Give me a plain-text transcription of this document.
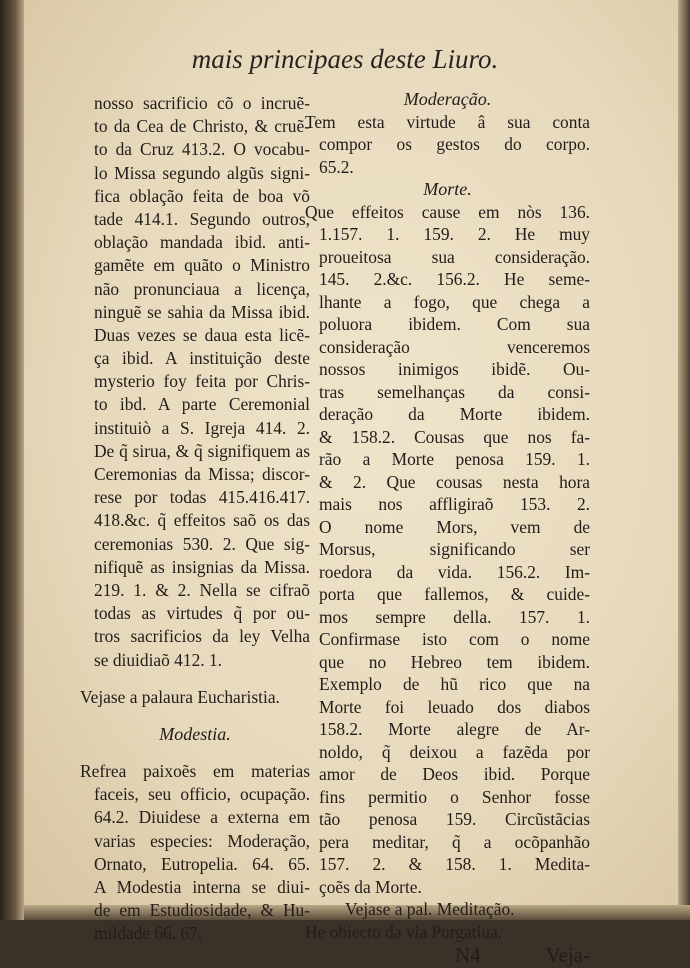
mais principaes deste Liuro.
nosso sacrificio cõ o incruẽ-
to da Cea de Christo, & cruẽ-
to da Cruz 413.2. O vocabu-
lo Missa segundo algũs signi-
fica oblação feita de boa võ
tade 414.1. Segundo outros,
oblação mandada ibid. anti-
gamẽte em quãto o Ministro
não pronunciaua a licença,
ninguẽ se sahia da Missa ibid.
Duas vezes se daua esta licẽ-
ça ibid. A instituição deste
mysterio foy feita por Chris-
to ibd. A parte Ceremonial
instituiò a S. Igreja 414. 2.
De q̃ sirua, & q̃ signifiquem as
Ceremonias da Missa; discor-
rese por todas 415.416.417.
418.&c. q̃ effeitos saõ os das
ceremonias 530. 2. Que sig-
nifiquẽ as insignias da Missa.
219. 1. & 2. Nella se cifraõ
todas as virtudes q̃ por ou-
tros sacrificios da ley Velha
se diuidiaõ 412. 1.
Vejase a palaura Eucharistia.
Modestia.
Refrea paixoẽs em materias
faceis, seu officio, ocupação.
64.2. Diuidese a externa em
varias especies: Moderação,
Ornato, Eutropelia. 64. 65.
A Modestia interna se diui-
de em Estudiosidade, & Hu-
mildade 66. 67.
Moderação.
Tem esta virtude â sua conta
compor os gestos do corpo.
65.2.
Morte.
Que effeitos cause em nòs 136.
1.157. 1. 159. 2. He muy
proueitosa sua consideração.
145. 2.&c. 156.2. He seme-
lhante a fogo, que chega a
poluora ibidem. Com sua
consideração venceremos
nossos inimigos ibidẽ. Ou-
tras semelhanças da consi-
deração da Morte ibidem.
& 158.2. Cousas que nos fa-
rão a Morte penosa 159. 1.
& 2. Que cousas nesta hora
mais nos affligiraõ 153. 2.
O nome Mors, vem de
Morsus, significando ser
roedora da vida. 156.2. Im-
porta que fallemos, & cuide-
mos sempre della. 157. 1.
Confirmase isto com o nome
que no Hebreo tem ibidem.
Exemplo de hũ rico que na
Morte foi leuado dos diabos
158.2. Morte alegre de Ar-
noldo, q̃ deixou a fazẽda por
amor de Deos ibid. Porque
fins permitio o Senhor fosse
tão penosa 159. Circũstãcias
pera meditar, q̃ a ocõpanhão
157. 2. & 158. 1. Medita-
çoẽs da Morte.
Vejase a pal. Meditação.
He obiecto da via Purgatiua.
N4	Veja-
